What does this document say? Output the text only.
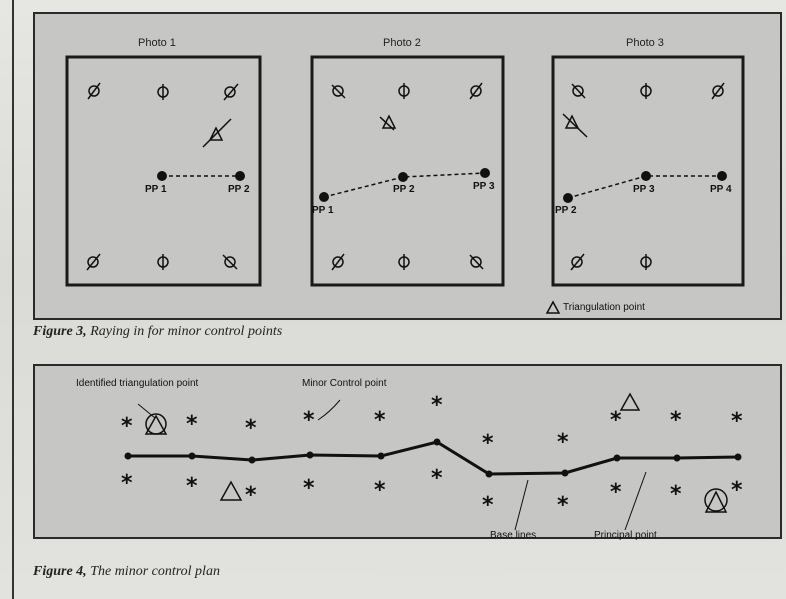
Photo 1	Photo 2	Photo 3
PP 1	PP 2
PP 1
PP 2	PP 3
PP 2
PP 3	PP 4
Triangulation point
Figure 3, Raying in for minor control points
Identified triangulation point	Minor Control point
Base lines	Principal point
* * * *	*
*
*	*
* * *
* * * *	* *
*	*
* * *
Figure 4, The minor control plan
